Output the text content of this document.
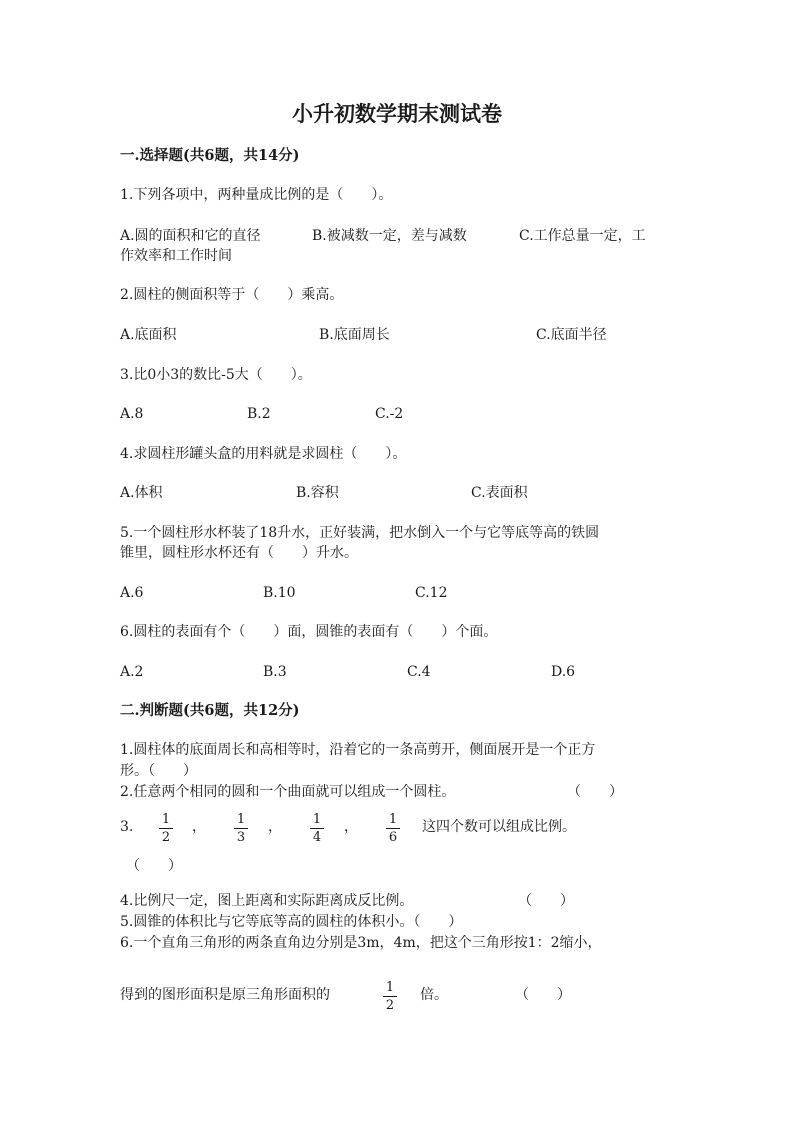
小升初数学期末测试卷
一.选择题(共6题，共14分)
1.下列各项中，两种量成比例的是（　　）。
A.圆的面积和它的直径	B.被减数一定，差与减数	C.工作总量一定，工
作效率和工作时间
2.圆柱的侧面积等于（　　）乘高。
A.底面积	B.底面周长	C.底面半径
3.比0小3的数比-5大（　　）。
A.8	B.2	C.-2
4.求圆柱形罐头盒的用料就是求圆柱（　　）。
A.体积	B.容积	C.表面积
5.一个圆柱形水杯装了18升水，正好装满，把水倒入一个与它等底等高的铁圆
锥里，圆柱形水杯还有（　　）升水。
A.6	B.10	C.12
6.圆柱的表面有个（　　）面，圆锥的表面有（　　）个面。
A.2	B.3	C.4	D.6
二.判断题(共6题，共12分)
1.圆柱体的底面周长和高相等时，沿着它的一条高剪开，侧面展开是一个正方
形。（　　）
2.任意两个相同的圆和一个曲面就可以组成一个圆柱。	（　　）
3. 1
2
， 1
3
， 1
4
， 1
6
这四个数可以组成比例。
（　　）
4.比例尺一定，图上距离和实际距离成反比例。	（　　）
5.圆锥的体积比与它等底等高的圆柱的体积小。（　　）
6.一个直角三角形的两条直角边分别是3m，4m，把这个三角形按1：2缩小，
得到的图形面积是原三角形面积的	1
2
倍。	（　　）
